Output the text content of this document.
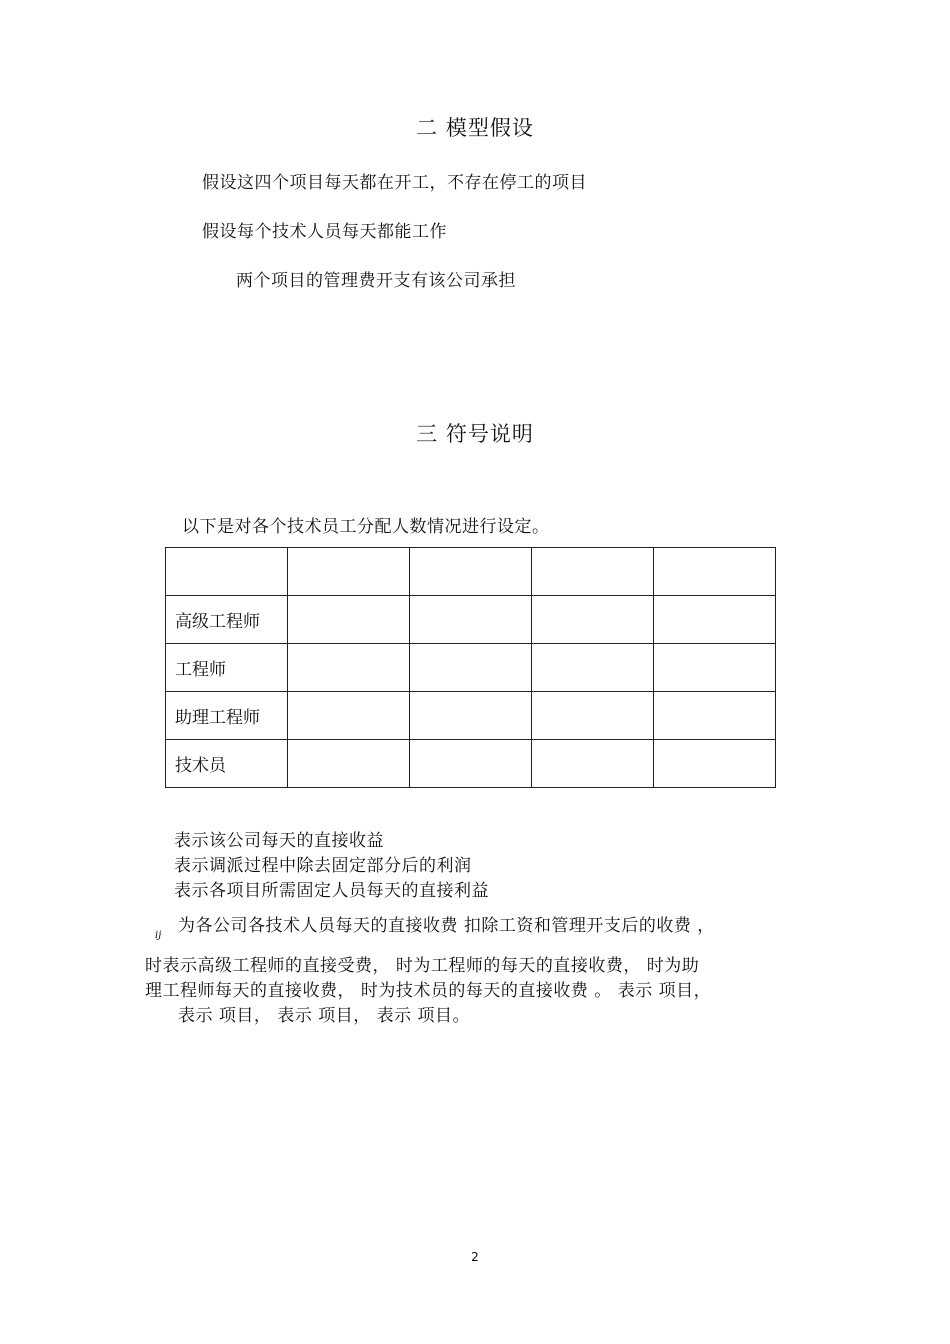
二 模型假设
假设这四个项目每天都在开工，不存在停工的项目
假设每个技术人员每天都能工作
两个项目的管理费开支有该公司承担
三 符号说明
以下是对各个技术员工分配人数情况进行设定。

高级工程师				
工程师				
助理工程师				
技术员				
表示该公司每天的直接收益
表示调派过程中除去固定部分后的利润
表示各项目所需固定人员每天的直接利益
为各公司各技术人员每天的直接收费 扣除工资和管理开支后的收费 ，
ij
时表示高级工程师的直接受费， 时为工程师的每天的直接收费， 时为助
理工程师每天的直接收费， 时为技术员的每天的直接收费 。 表示 项目，
表示 项目， 表示 项目， 表示 项目。
2
